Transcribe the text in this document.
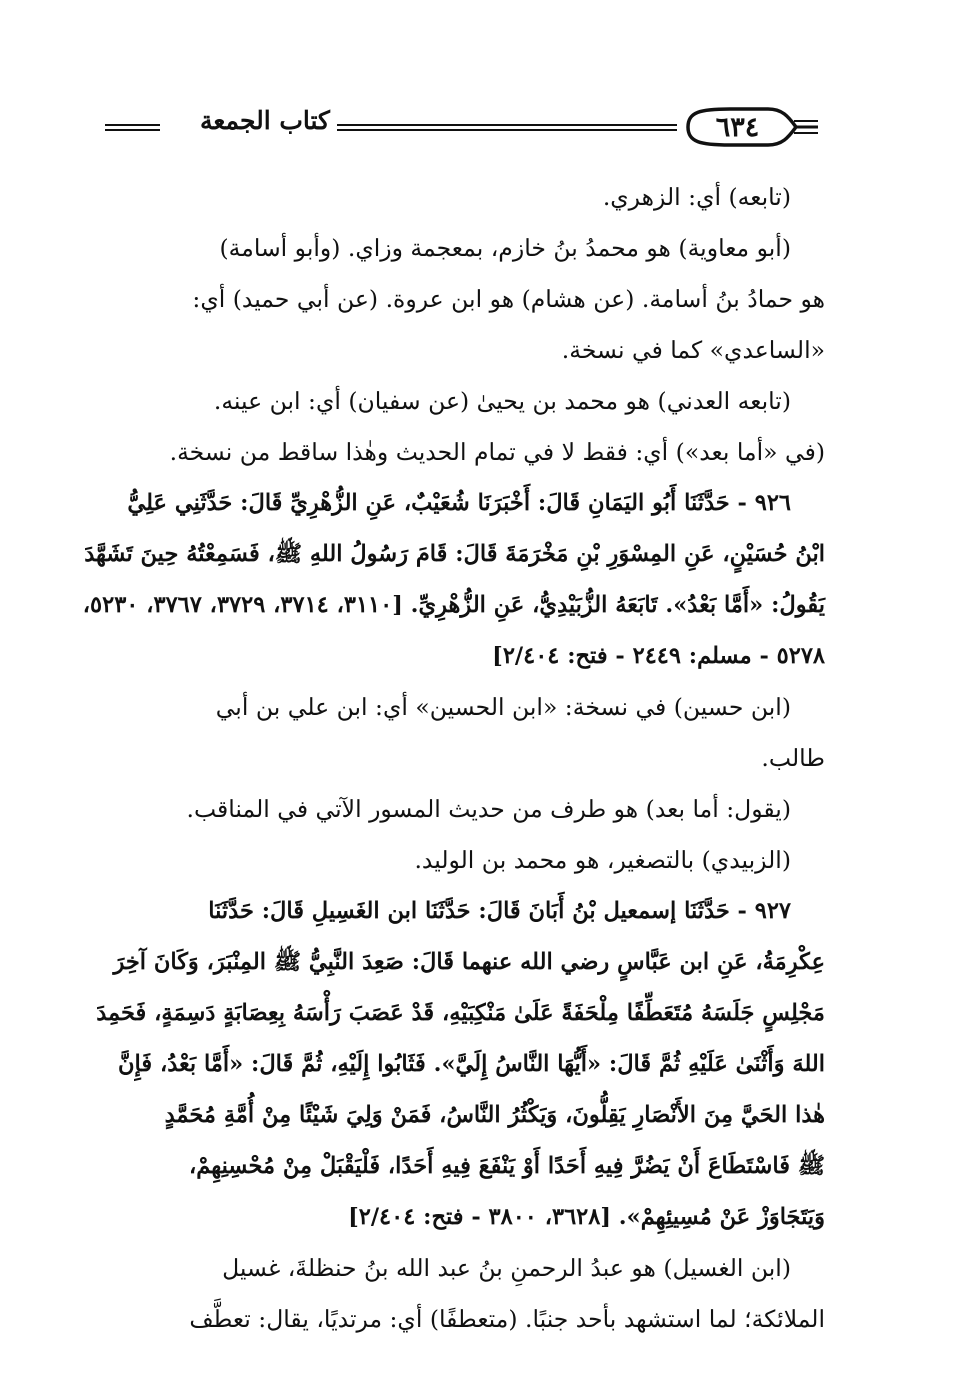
كتاب الجمعة	٦٣٤
(تابعه) أي: الزهري.
(أبو معاوية) هو محمدُ بنُ خازم، بمعجمة وزاي. (وأبو أسامة)
هو حمادُ بنُ أسامة. (عن هشام) هو ابن عروة. (عن أبي حميد) أي:
«الساعدي» كما في نسخة.
(تابعه العدني) هو محمد بن يحيىٰ (عن سفيان) أي: ابن عينه.
(في «أما بعد») أي: فقط لا في تمام الحديث وهٰذا ساقط من نسخة.
٩٢٦ - حَدَّثَنَا أَبُو اليَمَانِ قَالَ: أَخْبَرَنَا شُعَيْبٌ، عَنِ الزُّهْرِيِّ قَالَ: حَدَّثَنِي عَلِيُّ
ابْنُ حُسَيْنٍ، عَنِ المِسْوَرِ بْنِ مَخْرَمَةَ قَالَ: قَامَ رَسُولُ اللهِ ﷺ، فَسَمِعْتُهُ حِينَ تَشَهَّدَ
يَقُولُ: «أَمَّا بَعْدُ». تَابَعَهُ الزُّبَيْدِيُّ، عَنِ الزُّهْرِيِّ. [٣١١٠، ٣٧١٤، ٣٧٢٩، ٣٧٦٧، ٥٢٣٠،
٥٢٧٨ - مسلم: ٢٤٤٩ - فتح: ٢/٤٠٤]
(ابن حسين) في نسخة: «ابن الحسين» أي: ابن علي بن أبي
طالب.
(يقول: أما بعد) هو طرف من حديث المسور الآتي في المناقب.
(الزبيدي) بالتصغير، هو محمد بن الوليد.
٩٢٧ - حَدَّثَنَا إسمعيل بْنُ أَبَانَ قَالَ: حَدَّثَنَا ابن الغَسِيلِ قَالَ: حَدَّثَنَا
عِكْرِمَةُ، عَنِ ابن عَبَّاسٍ رضي الله عنهما قَالَ: صَعِدَ النَّبِيُّ ﷺ المِنْبَرَ، وَكَانَ آخِرَ
مَجْلِسٍ جَلَسَهُ مُتَعَطِّفًا مِلْحَفَةً عَلَىٰ مَنْكِبَيْهِ، قَدْ عَصَبَ رَأْسَهُ بِعِصَابَةٍ دَسِمَةٍ، فَحَمِدَ
اللهَ وَأَثْنَىٰ عَلَيْهِ ثُمَّ قَالَ: «أَيُّهَا النَّاسُ إِلَيَّ». فَثَابُوا إِلَيْهِ، ثُمَّ قَالَ: «أَمَّا بَعْدُ، فَإِنَّ
هٰذا الحَيَّ مِنَ الأَنْصَارِ يَقِلُّونَ، وَيَكْثُرُ النَّاسُ، فَمَنْ وَلِيَ شَيْئًا مِنْ أُمَّةِ مُحَمَّدٍ
ﷺ فَاسْتَطَاعَ أَنْ يَضُرَّ فِيهِ أَحَدًا أَوْ يَنْفَعَ فِيهِ أَحَدًا، فَلْيَقْبَلْ مِنْ مُحْسِنِهِمْ،
وَيَتَجَاوَزْ عَنْ مُسِيئِهِمْ». [٣٦٢٨، ٣٨٠٠ - فتح: ٢/٤٠٤]
(ابن الغسيل) هو عبدُ الرحمنِ بنُ عبد الله بنُ حنظلةَ، غسيل
الملائكة؛ لما استشهد بأحد جنبًا. (متعطفًا) أي: مرتديًا، يقال: تعطَّف
